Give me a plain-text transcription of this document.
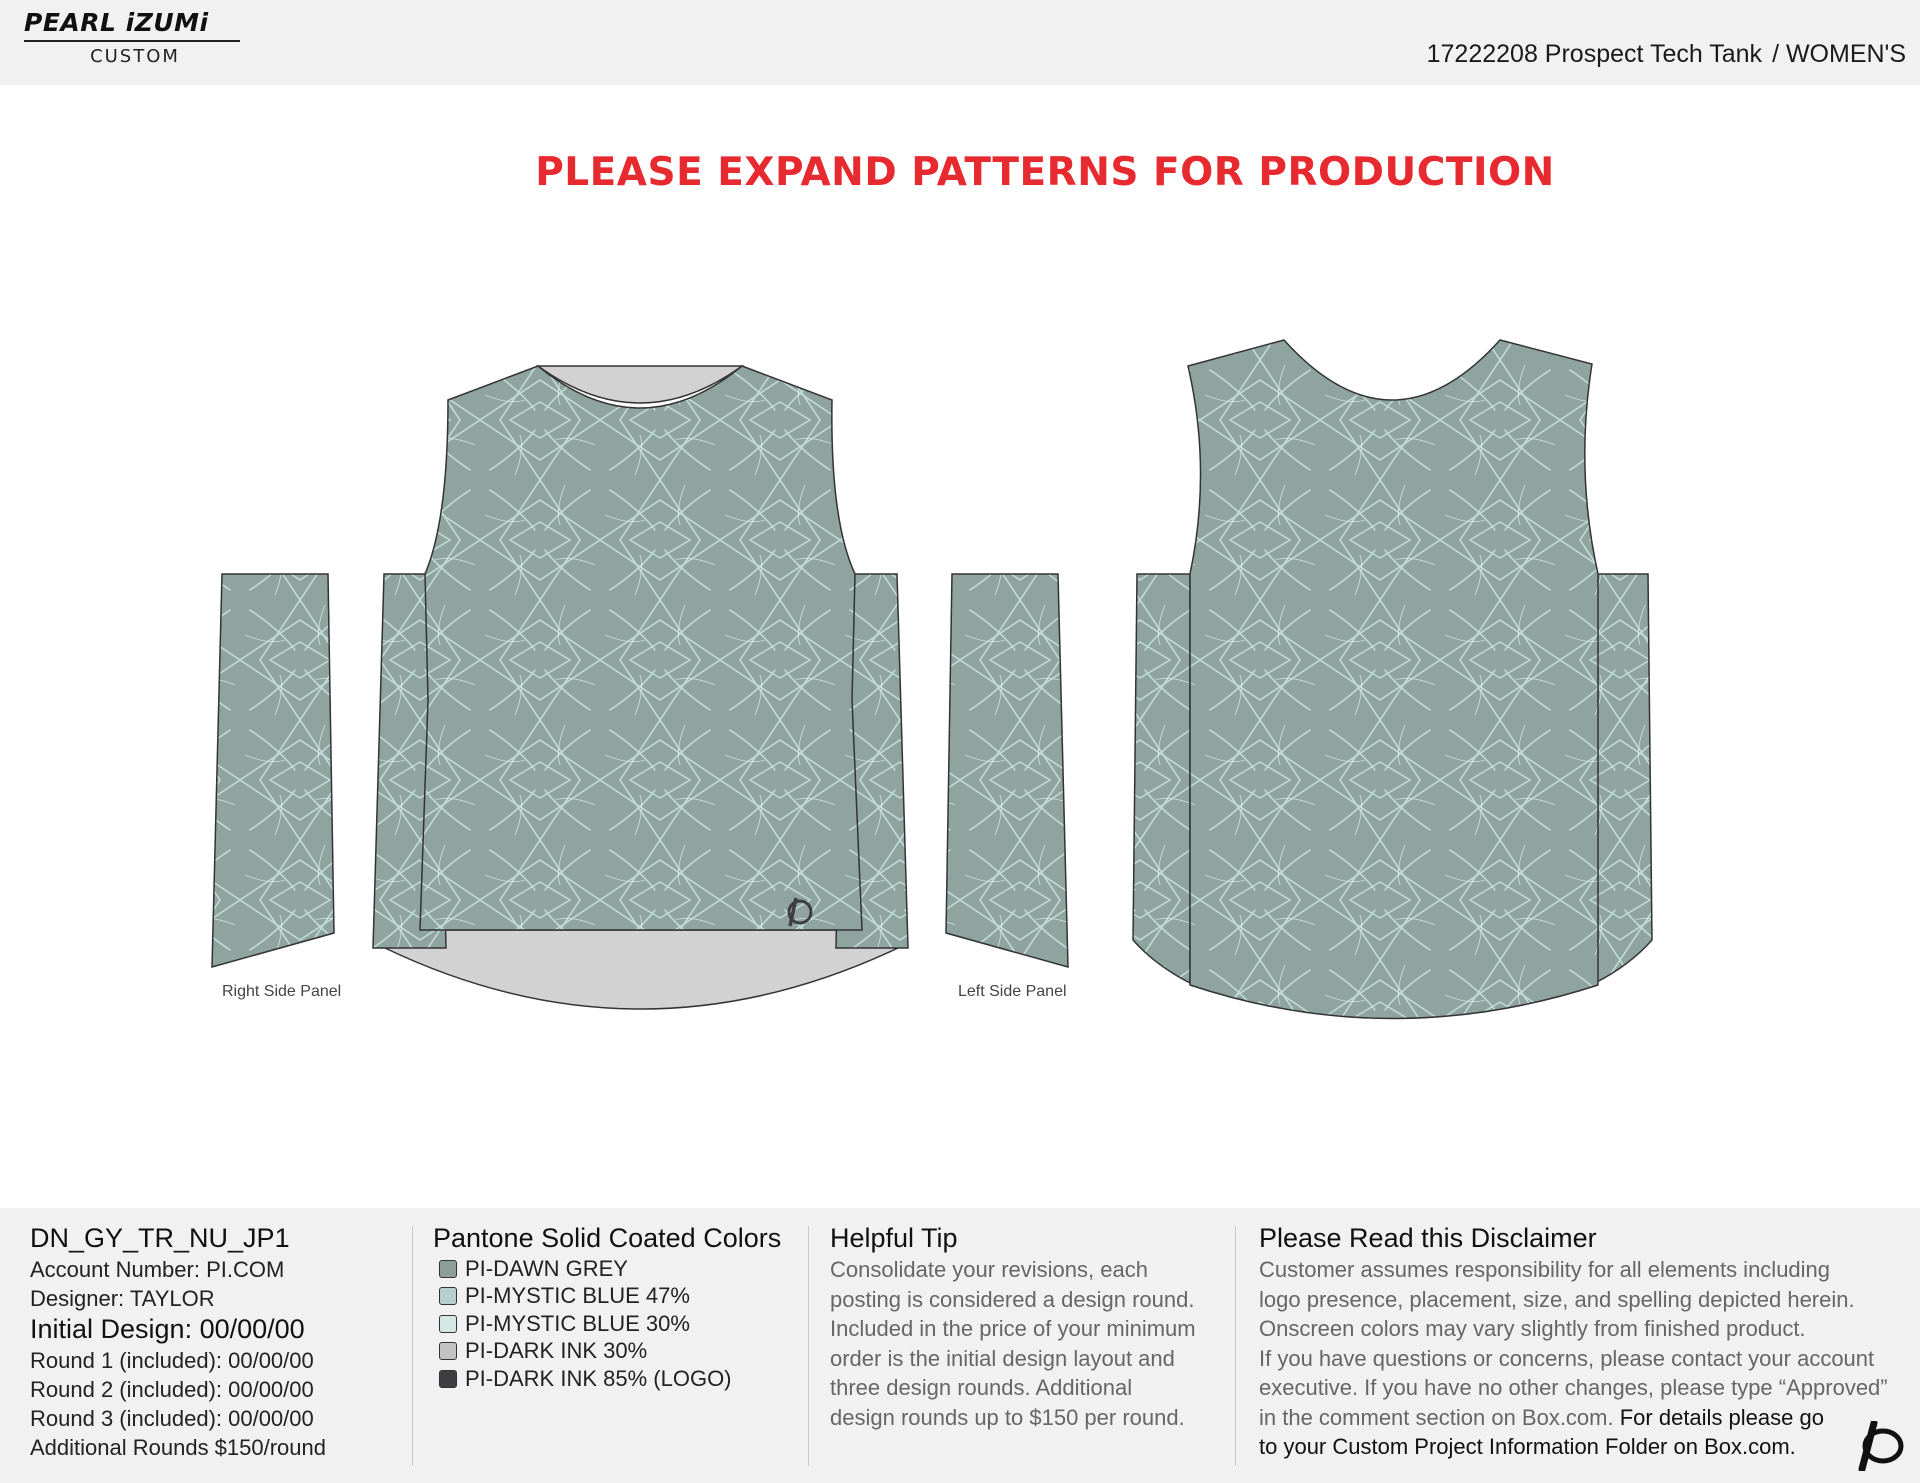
PEARL iZUMi
CUSTOM	17222208 Prospect Tech Tank / WOMEN'S
PLEASE EXPAND PATTERNS FOR PRODUCTION
Right Side Panel	Left Side Panel
DN_GY_TR_NU_JP1
Account Number: PI.COM
Designer: TAYLOR
Initial Design: 00/00/00
Round 1 (included): 00/00/00
Round 2 (included): 00/00/00
Round 3 (included): 00/00/00
Additional Rounds $150/round
Pantone Solid Coated Colors
PI-DAWN GREY
PI-MYSTIC BLUE 47%
PI-MYSTIC BLUE 30%
PI-DARK INK 30%
PI-DARK INK 85% (LOGO)
Helpful Tip
Consolidate your revisions, each
posting is considered a design round.
Included in the price of your minimum
order is the initial design layout and
three design rounds. Additional
design rounds up to $150 per round.
Please Read this Disclaimer
Customer assumes responsibility for all elements including
logo presence, placement, size, and spelling depicted herein.
Onscreen colors may vary slightly from finished product.
If you have questions or concerns, please contact your account
executive. If you have no other changes, please type “Approved”
in the comment section on Box.com. For details please go
to your Custom Project Information Folder on Box.com.
